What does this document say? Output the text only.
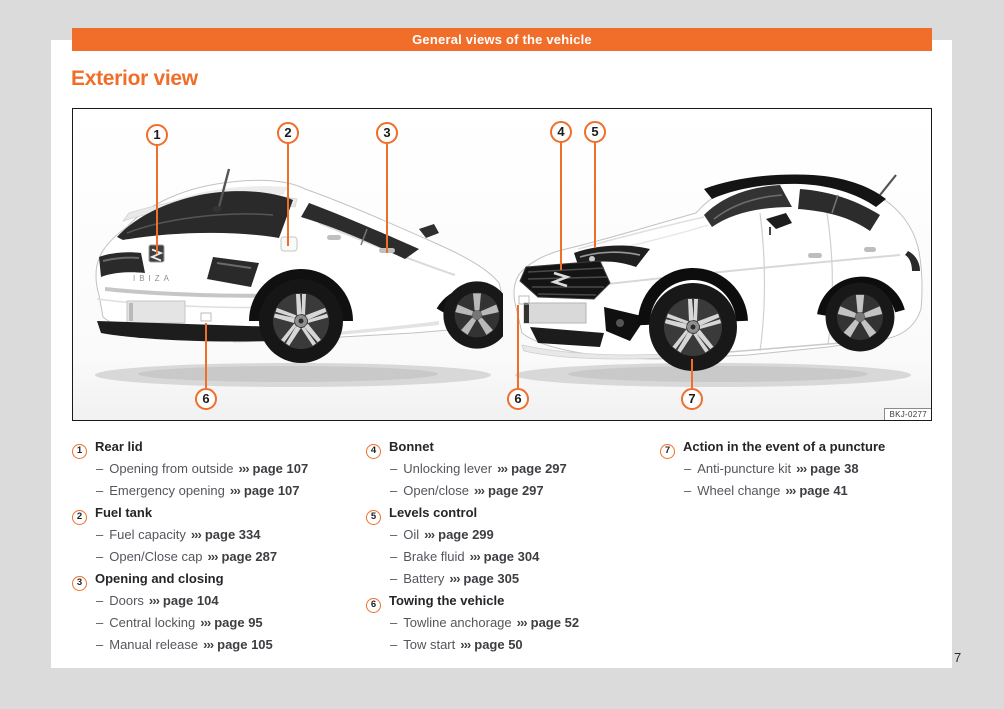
General views of the vehicle
Exterior view
IBIZA
1	2	3	4	5
6	6	7
BKJ-0277
1 Rear lid
– Opening from outside ››› page 107
– Emergency opening ››› page 107
2 Fuel tank
– Fuel capacity ››› page 334
– Open/Close cap ››› page 287
3 Opening and closing
– Doors ››› page 104
– Central locking ››› page 95
– Manual release ››› page 105
4 Bonnet
– Unlocking lever ››› page 297
– Open/close ››› page 297
5 Levels control
– Oil ››› page 299
– Brake fluid ››› page 304
– Battery ››› page 305
6 Towing the vehicle
– Towline anchorage ››› page 52
– Tow start ››› page 50
7 Action in the event of a puncture
– Anti-puncture kit ››› page 38
– Wheel change ››› page 41
7
